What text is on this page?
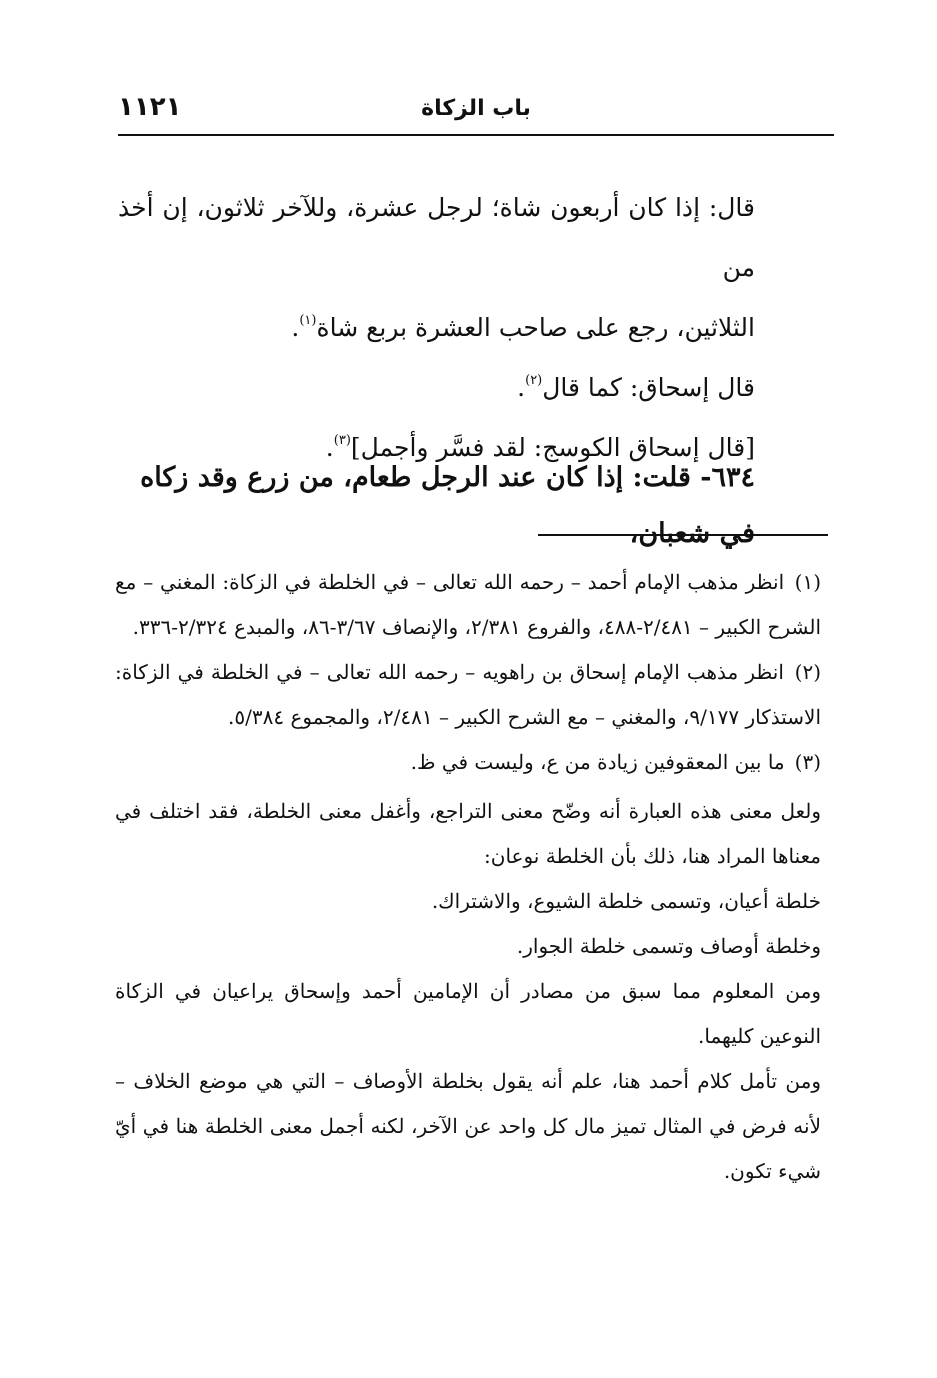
١١٢١	باب الزكاة

قال: إذا كان أربعون شاة؛ لرجل عشرة، وللآخر ثلاثون، إن أخذ من

الثلاثين، رجع على صاحب العشرة بربع شاة$^{(١)}$.

قال إسحاق: كما قال$^{(٢)}$.

[قال إسحاق الكوسج: لقد فسَّر وأجمل]$^{(٣)}$.

٦٣٤- قلت: إذا كان عند الرجل طعام، من زرع وقد زكاه في شعبان،

(١) انظر مذهب الإمام أحمد – رحمه الله تعالى – في الخلطة في الزكاة: المغني – مع الشرح الكبير – ٢/٤٨١-٤٨٨، والفروع ٢/٣٨١، والإنصاف ٣/٦٧-٨٦، والمبدع ٢/٣٢٤-٣٣٦.

(٢) انظر مذهب الإمام إسحاق بن راهويه – رحمه الله تعالى – في الخلطة في الزكاة: الاستذكار ٩/١٧٧، والمغني – مع الشرح الكبير – ٢/٤٨١، والمجموع ٥/٣٨٤.

(٣) ما بين المعقوفين زيادة من ع، وليست في ظ.

ولعل معنى هذه العبارة أنه وضّح معنى التراجع، وأغفل معنى الخلطة، فقد اختلف في معناها المراد هنا، ذلك بأن الخلطة نوعان:

خلطة أعيان، وتسمى خلطة الشيوع، والاشتراك.

وخلطة أوصاف وتسمى خلطة الجوار.

ومن المعلوم مما سبق من مصادر أن الإمامين أحمد وإسحاق يراعيان في الزكاة النوعين كليهما.

ومن تأمل كلام أحمد هنا، علم أنه يقول بخلطة الأوصاف – التي هي موضع الخلاف – لأنه فرض في المثال تميز مال كل واحد عن الآخر، لكنه أجمل معنى الخلطة هنا في أيّ شيء تكون.
